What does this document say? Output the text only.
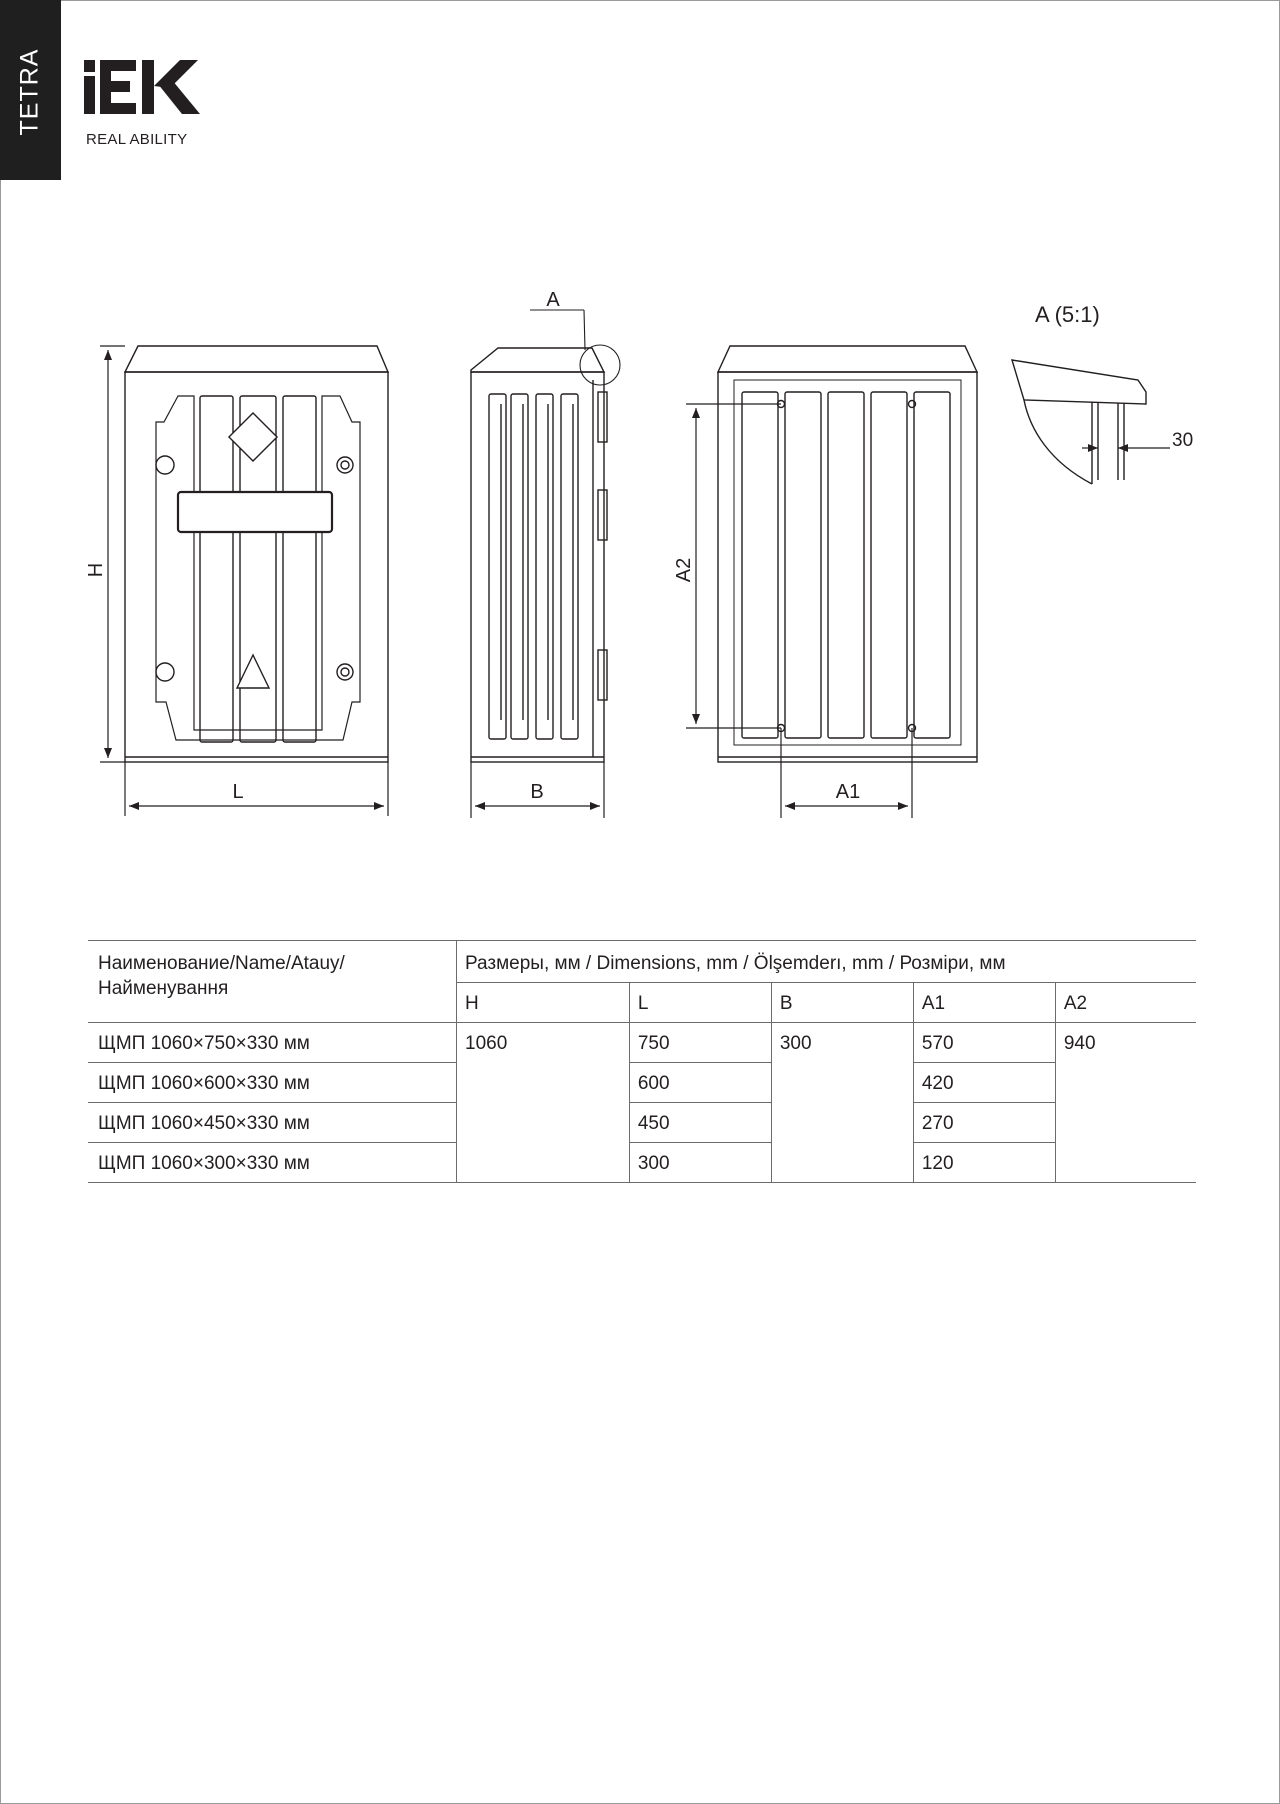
TETRA
REAL ABILITY
H
L
A
B
A2
A1
A (5:1)
30
Наименование/Name/Atauy/ Найменування	Размеры, мм / Dimensions, mm / Ölşemderı, mm / Розміри, мм				
	H	L	B	A1	A2
ЩМП 1060×750×330 мм	1060	750	300	570	940
ЩМП 1060×600×330 мм		600		420	
ЩМП 1060×450×330 мм		450		270	
ЩМП 1060×300×330 мм		300		120	
